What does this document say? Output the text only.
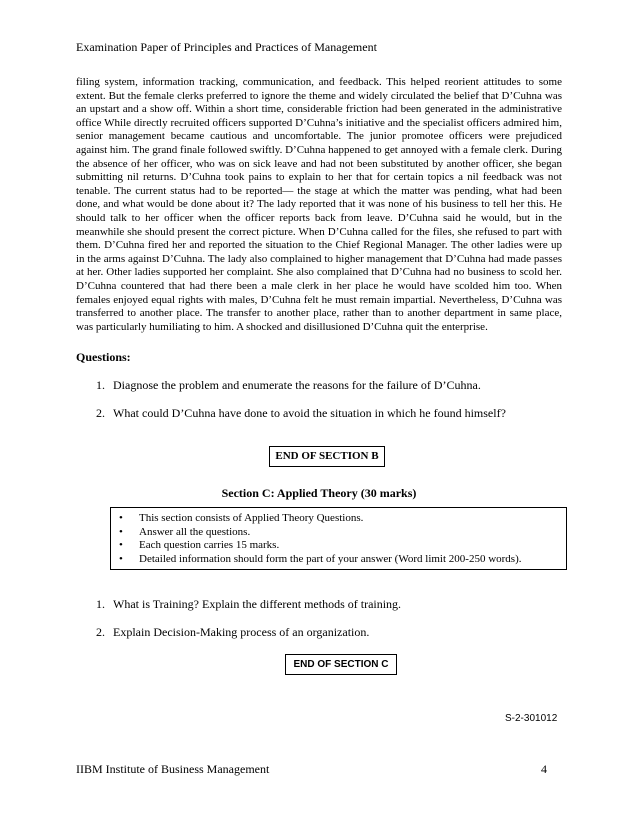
Examination Paper of Principles and Practices of Management

filing system, information tracking, communication, and feedback. This helped reorient attitudes to some extent. But the female clerks preferred to ignore the theme and widely circulated the belief that D’Cuhna was an upstart and a show off. Within a short time, considerable friction had been generated in the administrative office While directly recruited officers supported D’Cuhna’s initiative and the specialist officers admired him, senior management became cautious and uncomfortable. The junior promotee officers were prejudiced against him. The grand finale followed swiftly. D’Cuhna happened to get annoyed with a female clerk. During the absence of her officer, who was on sick leave and had not been substituted by another officer, she began submitting nil returns. D’Cuhna took pains to explain to her that for certain topics a nil feedback was not tenable. The current status had to be reported— the stage at which the matter was pending, what had been done, and what would be done about it? The lady reported that it was none of his business to tell her this. He should talk to her officer when the officer reports back from leave. D’Cuhna said he would, but in the meanwhile she should present the correct picture. When D’Cuhna called for the files, she refused to part with them. D’Cuhna fired her and reported the situation to the Chief Regional Manager. The other ladies were up in the arms against D’Cuhna. The lady also complained to higher management that D’Cuhna had made passes at her. Other ladies supported her complaint. She also complained that D’Cuhna had no business to scold her. D’Cuhna countered that had there been a male clerk in her place he would have scolded him too. When females enjoyed equal rights with males, D’Cuhna felt he must remain impartial. Nevertheless, D’Cuhna was transferred to another place. The transfer to another place, rather than to another department in same place, was particularly humiliating to him. A shocked and disillusioned D’Cuhna quit the enterprise.

Questions:
1. Diagnose the problem and enumerate the reasons for the failure of D’Cuhna.
2. What could D’Cuhna have done to avoid the situation in which he found himself?
END OF SECTION B
Section C: Applied Theory (30 marks)
•	This section consists of Applied Theory Questions.
•	Answer all the questions.
•	Each question carries 15 marks.
•	Detailed information should form the part of your answer (Word limit 200-250 words).
1. What is Training? Explain the different methods of training.
2. Explain Decision-Making process of an organization.
END OF SECTION C
S-2-301012
IIBM Institute of Business Management	4
